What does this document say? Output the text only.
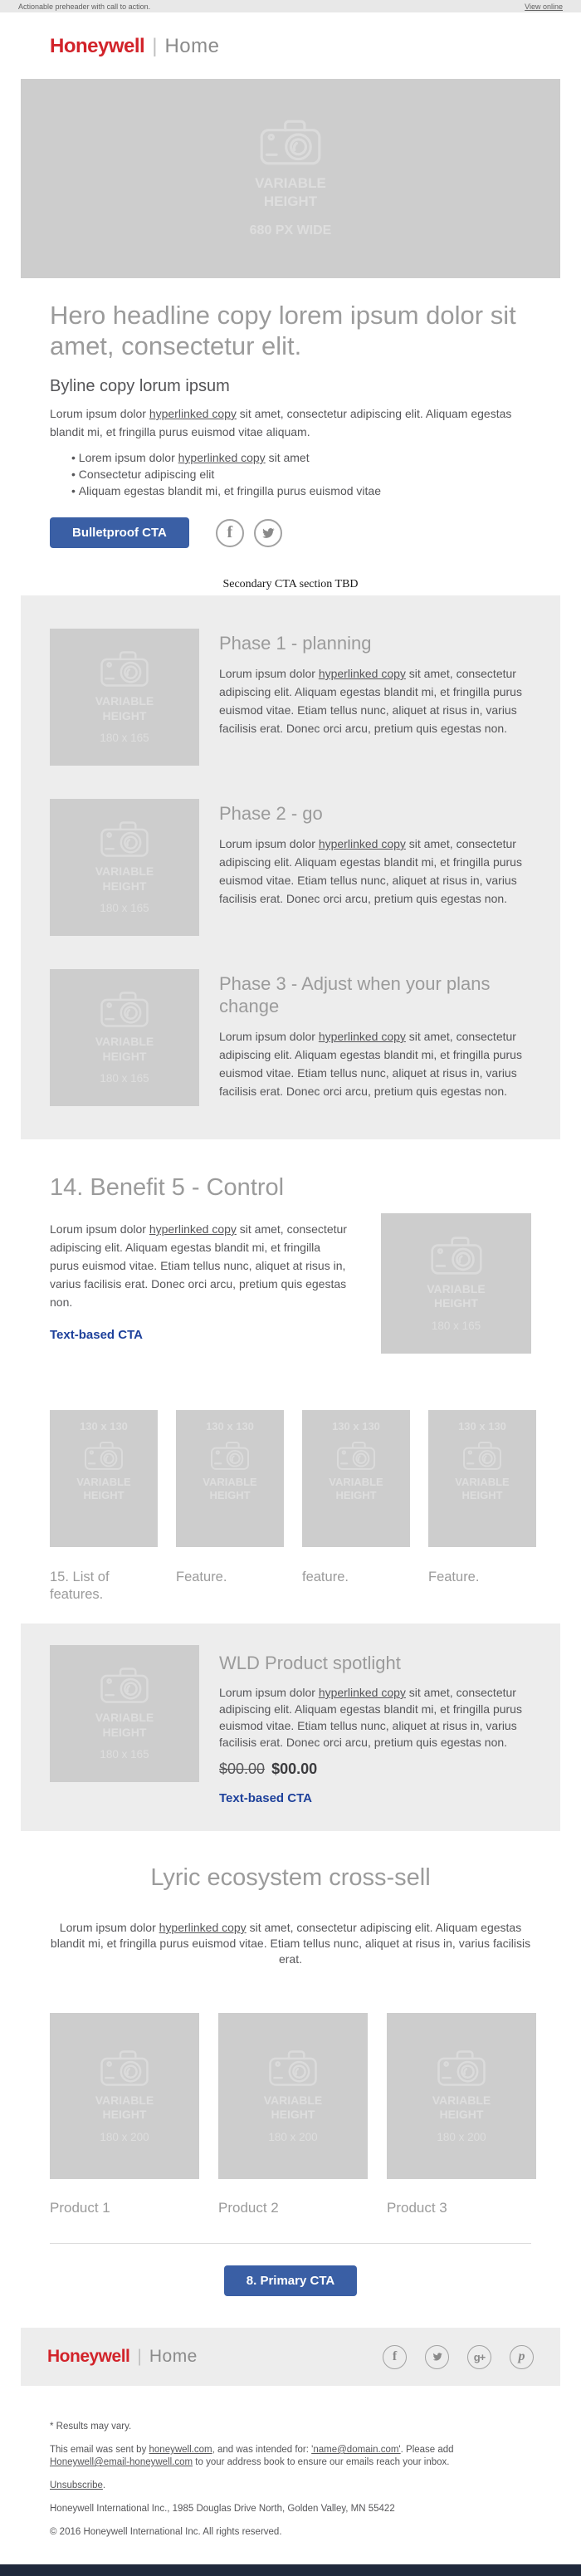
Actionable preheader with call to action.	View online
Honeywell | Home
VARIABLE HEIGHT
680 PX WIDE
Hero headline copy lorem ipsum dolor sit amet, consectetur elit.
Byline copy lorum ipsum

Lorum ipsum dolor hyperlinked copy sit amet, consectetur adipiscing elit. Aliquam egestas blandit mi, et fringilla purus euismod vitae aliquam.

• Lorem ipsum dolor hyperlinked copy sit amet
• Consectetur adipiscing elit
• Aliquam egestas blandit mi, et fringilla purus euismod vitae
Bulletproof CTA	f
Secondary CTA section TBD
VARIABLE HEIGHT
180 x 165
Phase 1 - planning

Lorum ipsum dolor hyperlinked copy sit amet, consectetur adipiscing elit. Aliquam egestas blandit mi, et fringilla purus euismod vitae. Etiam tellus nunc, aliquet at risus in, varius facilisis erat. Donec orci arcu, pretium quis egestas non.

VARIABLE HEIGHT
180 x 165
Phase 2 - go

Lorum ipsum dolor hyperlinked copy sit amet, consectetur adipiscing elit. Aliquam egestas blandit mi, et fringilla purus euismod vitae. Etiam tellus nunc, aliquet at risus in, varius facilisis erat. Donec orci arcu, pretium quis egestas non.

VARIABLE HEIGHT
180 x 165
Phase 3 - Adjust when your plans change

Lorum ipsum dolor hyperlinked copy sit amet, consectetur adipiscing elit. Aliquam egestas blandit mi, et fringilla purus euismod vitae. Etiam tellus nunc, aliquet at risus in, varius facilisis erat. Donec orci arcu, pretium quis egestas non.

14. Benefit 5 - Control

Lorum ipsum dolor hyperlinked copy sit amet, consectetur adipiscing elit. Aliquam egestas blandit mi, et fringilla purus euismod vitae. Etiam tellus nunc, aliquet at risus in, varius facilisis erat. Donec orci arcu, pretium quis egestas non.

Text-based CTA
VARIABLE HEIGHT
180 x 165
130 x 130
VARIABLE HEIGHT
15. List of features.
130 x 130
VARIABLE HEIGHT
Feature.
130 x 130
VARIABLE HEIGHT
feature.
130 x 130
VARIABLE HEIGHT
Feature.
VARIABLE HEIGHT
180 x 165
WLD Product spotlight

Lorum ipsum dolor hyperlinked copy sit amet, consectetur adipiscing elit. Aliquam egestas blandit mi, et fringilla purus euismod vitae. Etiam tellus nunc, aliquet at risus in, varius facilisis erat. Donec orci arcu, pretium quis egestas non.

$00.00 $00.00
Text-based CTA
Lyric ecosystem cross-sell

Lorum ipsum dolor hyperlinked copy sit amet, consectetur adipiscing elit. Aliquam egestas blandit mi, et fringilla purus euismod vitae. Etiam tellus nunc, aliquet at risus in, varius facilisis erat.

VARIABLE HEIGHT
180 x 200
Product 1
VARIABLE HEIGHT
180 x 200
Product 2
VARIABLE HEIGHT
180 x 200
Product 3
8. Primary CTA
Honeywell | Home	f	g+	p

* Results may vary.

This email was sent by honeywell.com, and was intended for: 'name@domain.com'. Please add Honeywell@email-honeywell.com to your address book to ensure our emails reach your inbox.

Unsubscribe.

Honeywell International Inc., 1985 Douglas Drive North, Golden Valley, MN 55422

© 2016 Honeywell International Inc. All rights reserved.
